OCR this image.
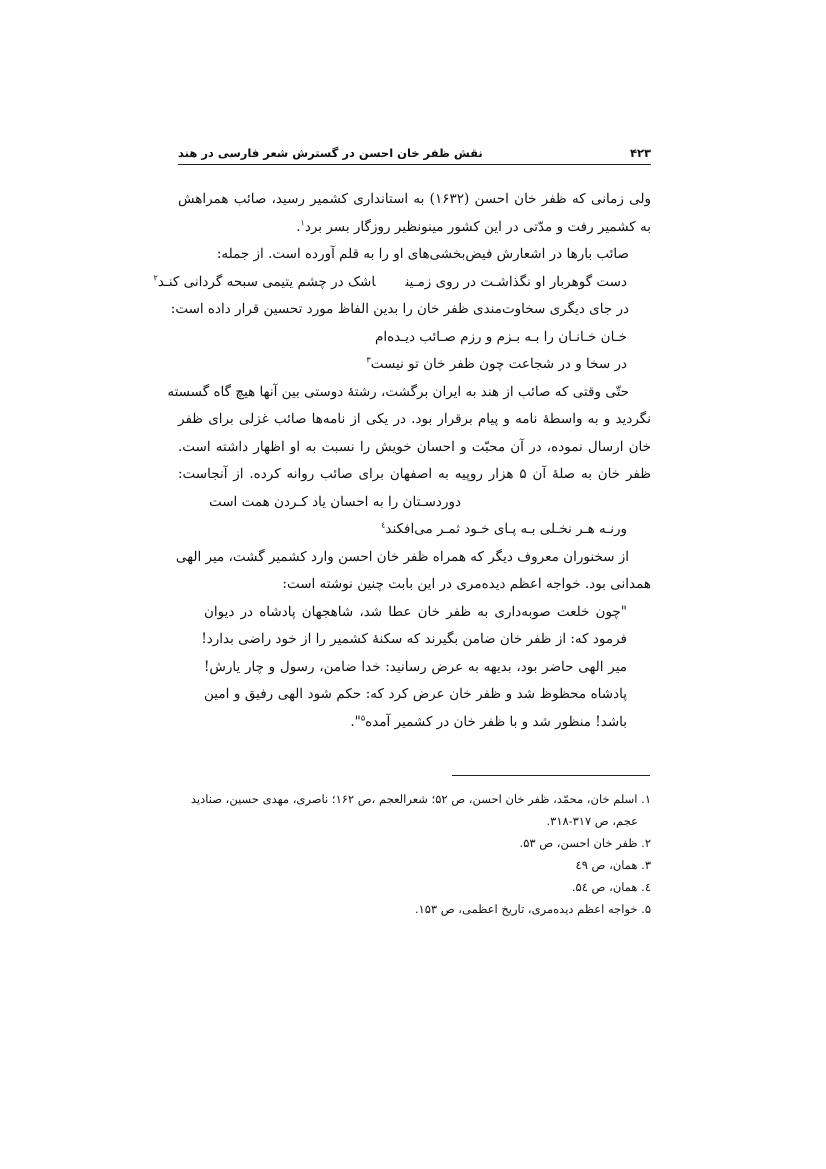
۴۲۳
نقش ظفر خان احسن در گسترش شعر فارسی در هند
ولی زمانی که ظفر خان احسن (۱۶۳۲) به استانداری کشمیر رسید، صائب همراهش
به کشمیر رفت و مدّتی در این کشور مینونظیر روزگار بسر برد$^۱$.
صائب بارها در اشعارش فیض‌بخشی‌های او را به قلم آورده است. از جمله:
دست گوهربار او نگذاشـت در روی زمـیناشک در چشم یتیمی سبحه گردانی کنـد$^۲$
در جای دیگری سخاوت‌مندی ظفر خان را بدین الفاظ مورد تحسین قرار داده است:
خـان خـانـان را بـه بـزم و رزم صـائب دیـده‌ام
در سخا و در شجاعت چون ظفر خان تو نیست$^۳$
حتّی وقتی که صائب از هند به ایران برگشت، رشتهٔ دوستی بین آنها هیچ گاه گسسته
نگردید و به واسطهٔ نامه و پیام برقرار بود. در یکی از نامه‌ها صائب غزلی برای ظفر
خان ارسال نموده، در آن محبّت و احسان خویش را نسبت به او اظهار داشته است.
ظفر خان به صلهٔ آن ۵ هزار روپیه به اصفهان برای صائب روانه کرده. از آنجاست:
دوردسـتان را به احسان یاد کـردن همت است
ورنـه هـر نخـلی بـه پـای خـود ثمـر می‌افکند$^٤$
از سخنوران معروف دیگر که همراه ظفر خان احسن وارد کشمیر گشت، میر الهی
همدانی بود. خواجه اعظم دیده‌مری در این بابت چنین نوشته است:
"چون خلعت صوبه‌داری به ظفر خان عطا شد، شاهجهان پادشاه در دیوان
فرمود که: از ظفر خان ضامن بگیرند که سکنهٔ کشمیر را از خود راضی بدارد!
میر الهی حاضر بود، بدیهه به عرض رسانید: خدا ضامن، رسول و چار یارش!
پادشاه محظوظ شد و ظفر خان عرض کرد که: حکم شود الهی رفیق و امین
باشد! منظور شد و با ظفر خان در کشمیر آمده$^۵$".
۱. اسلم خان، محمّد، ظفر خان احسن، ص ۵۲؛ شعرالعجم ،ص ۱۶۲؛ ناصری، مهدی حسین، صنادید
عجم، ص ۳۱۷-۳۱۸.
۲. ظفر خان احسن، ص ۵۳.
۳. همان، ص ٤۹
٤. همان، ص ۵٤.
۵. خواجه اعظم دیده‌مری، تاریخ اعظمی، ص ۱۵۳.
